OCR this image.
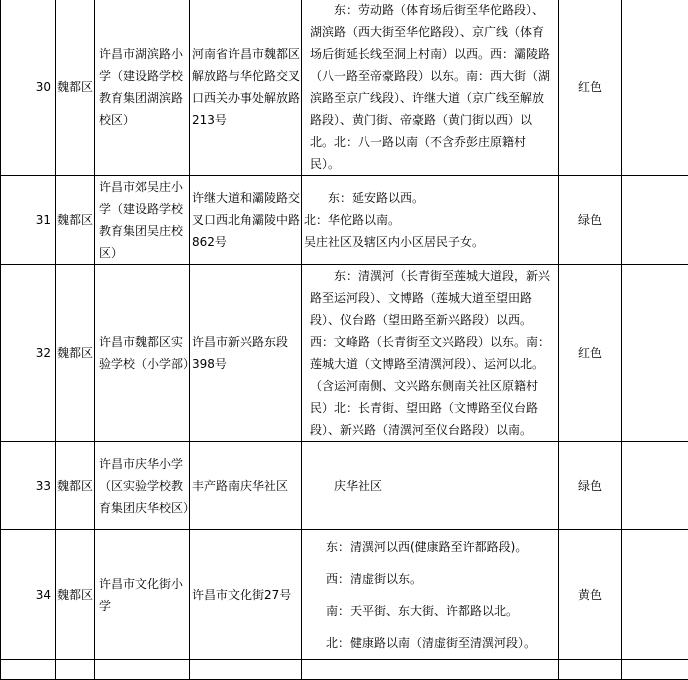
30	魏都区	许昌市湖滨路小学（建设路学校教育集团湖滨路校区）	河南省许昌市魏都区解放路与华佗路交叉口西关办事处解放路213号	东：劳动路（体育场后街至华佗路段）、湖滨路（西大街至华佗路段）、京广线（体育场后街延长线至洞上村南）以西。西：灞陵路（八一路至帝豪路段）以东。南：西大街（湖滨路至京广线段）、许继大道（京广线至解放路段）、黄门街、帝豪路（黄门街以西）以北。北：八一路以南（不含乔彭庄原籍村民）。	红色	
31	魏都区	许昌市郊吴庄小学（建设路学校教育集团吴庄校区）	许继大道和灞陵路交叉口西北角灞陵中路862号	东：延安路以西。
北：华佗路以南。
吴庄社区及辖区内小区居民子女。	绿色	
32	魏都区	许昌市魏都区实验学校（小学部）	许昌市新兴路东段398号	东：清潩河（长青街至莲城大道段，新兴路至运河段）、文博路（莲城大道至望田路段）、仪台路（望田路至新兴路段）以西。西：文峰路（长青街至文兴路段）以东。南：莲城大道（文博路至清潩河段）、运河以北。（含运河南侧、文兴路东侧南关社区原籍村民）北：长青街、望田路（文博路至仪台路段）、新兴路（清潩河至仪台路段）以南。	红色	
33	魏都区	许昌市庆华小学（区实验学校教育集团庆华校区）	丰产路南庆华社区	庆华社区	绿色	
34	魏都区	许昌市文化街小学	许昌市文化街27号	东：清潩河以西(健康路至许都路段)。
西：清虚街以东。
南：天平街、东大街、许都路以北。
北：健康路以南（清虚街至清潩河段）。	黄色	
